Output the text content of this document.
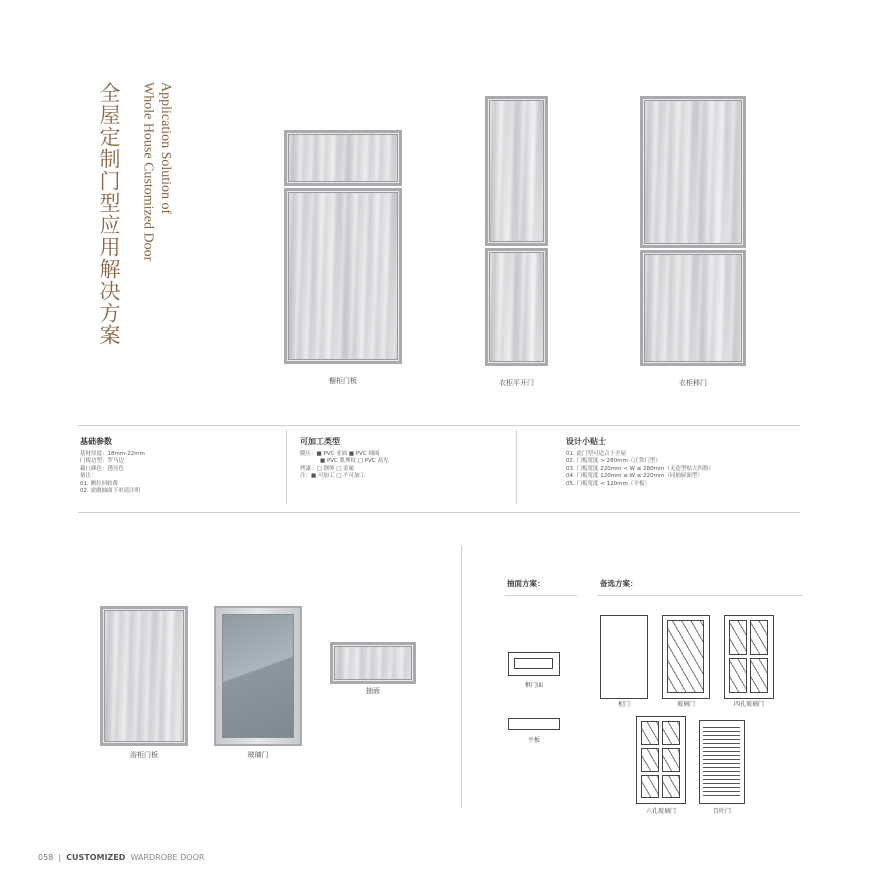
全屋定制门型应用解决方案	Application Solution of
Whole House Customized Door
橱柜门板	衣柜平开门	衣柜移门
基础参数
基材厚度：18mm-22mm
门板边型：罗马边
截口颜色：透亮色
备注：
01. 侧拉回收费
02. 需做抽面下单请注明
可加工类型
膜压：■ PVC 亚面 ■ PVC 细面
■ PVC 肌理纹 □ PVC 高光
烤漆：□ 钢琴 □ 金属
注：■ 可加工 □ 不可加工
设计小贴士
01. 此门型可适合于全屋
02. 门板宽度 > 280mm（正常门型）
03. 门板宽度 220mm < W ≤ 280mm（无造型贴大四格）
04. 门板宽度 120mm ≤ W ≤ 220mm（同抽屉面型）
05. 门板宽度 < 120mm（平板）
浴柜门板	玻璃门
抽面
抽面方案：
框门面
平板
备选方案：
柜门	玻璃门	四孔玻璃门
六孔玻璃门	百叶门
058 | CUSTOMIZED WARDROBE DOOR
